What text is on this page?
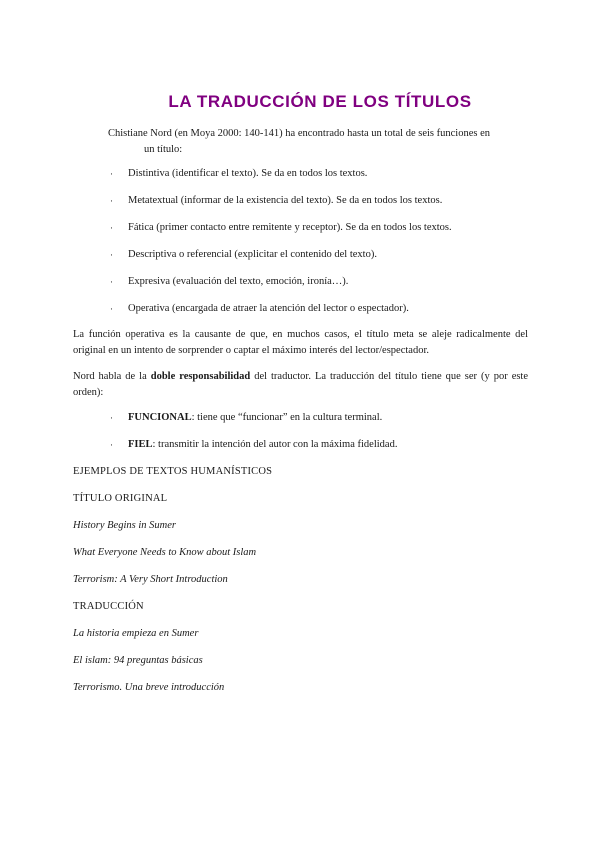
LA TRADUCCIÓN DE LOS TÍTULOS
Chistiane Nord (en Moya 2000: 140-141) ha encontrado hasta un total de seis funciones en
un título:
· Distintiva (identificar el texto). Se da en todos los textos.
· Metatextual (informar de la existencia del texto). Se da en todos los textos.
· Fática (primer contacto entre remitente y receptor). Se da en todos los textos.
· Descriptiva o referencial (explicitar el contenido del texto).
· Expresiva (evaluación del texto, emoción, ironía…).
· Operativa (encargada de atraer la atención del lector o espectador).

La función operativa es la causante de que, en muchos casos, el título meta se aleje radicalmente del original en un intento de sorprender o captar el máximo interés del lector/espectador.

Nord habla de la doble responsabilidad del traductor. La traducción del título tiene que ser (y por este orden):

· FUNCIONAL: tiene que “funcionar” en la cultura terminal.
· FIEL: transmitir la intención del autor con la máxima fidelidad.

EJEMPLOS DE TEXTOS HUMANÍSTICOS

TÍTULO ORIGINAL

History Begins in Sumer

What Everyone Needs to Know about Islam

Terrorism: A Very Short Introduction

TRADUCCIÓN

La historia empieza en Sumer

El islam: 94 preguntas básicas

Terrorismo. Una breve introducción
